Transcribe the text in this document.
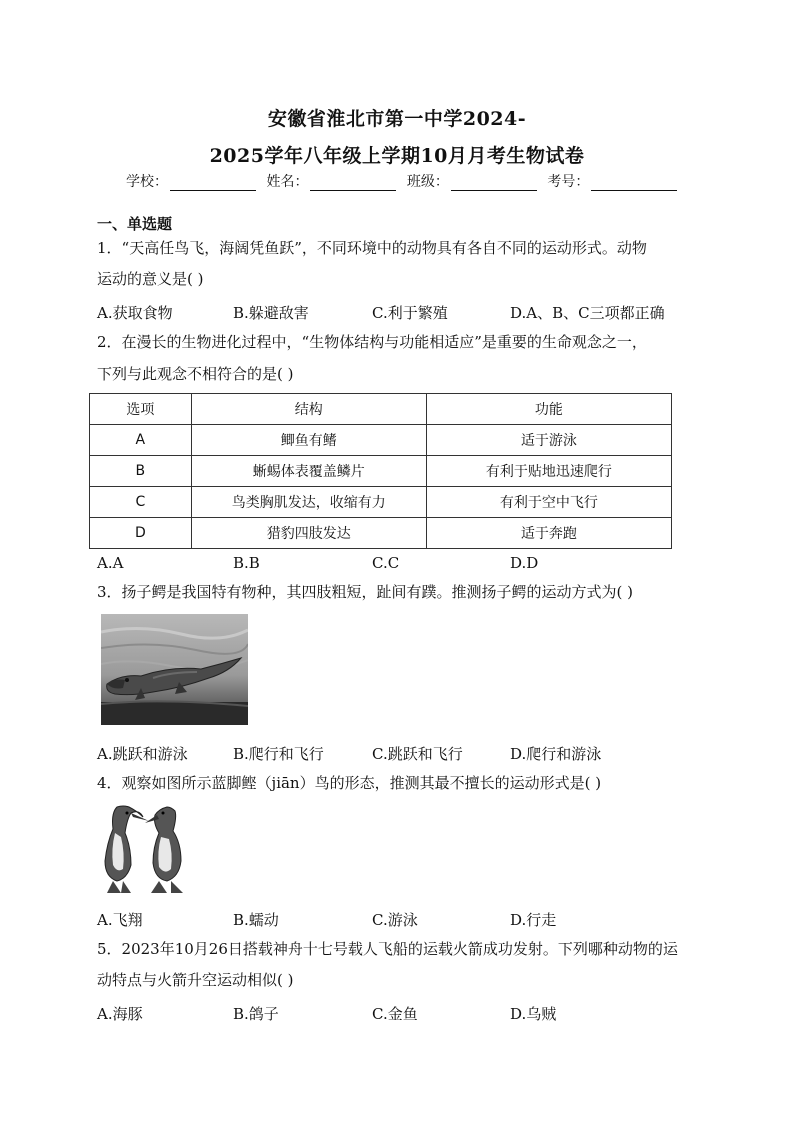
安徽省淮北市第一中学2024-
2025学年八年级上学期10月月考生物试卷
学校：	姓名：	班级：	考号：
一、单选题
1．“天高任鸟飞，海阔凭鱼跃”，不同环境中的动物具有各自不同的运动形式。动物
运动的意义是( )
A.获取食物	B.躲避敌害	C.利于繁殖	D.A、B、C三项都正确
2．在漫长的生物进化过程中，“生物体结构与功能相适应”是重要的生命观念之一，
下列与此观念不相符合的是( )
选项	结构	功能
A	鲫鱼有鳍	适于游泳
B	蜥蜴体表覆盖鳞片	有利于贴地迅速爬行
C	鸟类胸肌发达，收缩有力	有利于空中飞行
D	猎豹四肢发达	适于奔跑
A.A	B.B	C.C	D.D
3．扬子鳄是我国特有物种，其四肢粗短，趾间有蹼。推测扬子鳄的运动方式为( )
A.跳跃和游泳	B.爬行和飞行	C.跳跃和飞行	D.爬行和游泳
4．观察如图所示蓝脚鲣（jiān）鸟的形态，推测其最不擅长的运动形式是( )
A.飞翔	B.蠕动	C.游泳	D.行走
5．2023年10月26日搭载神舟十七号载人飞船的运载火箭成功发射。下列哪种动物的运
动特点与火箭升空运动相似( )
A.海豚	B.鸽子	C.金鱼	D.乌贼
